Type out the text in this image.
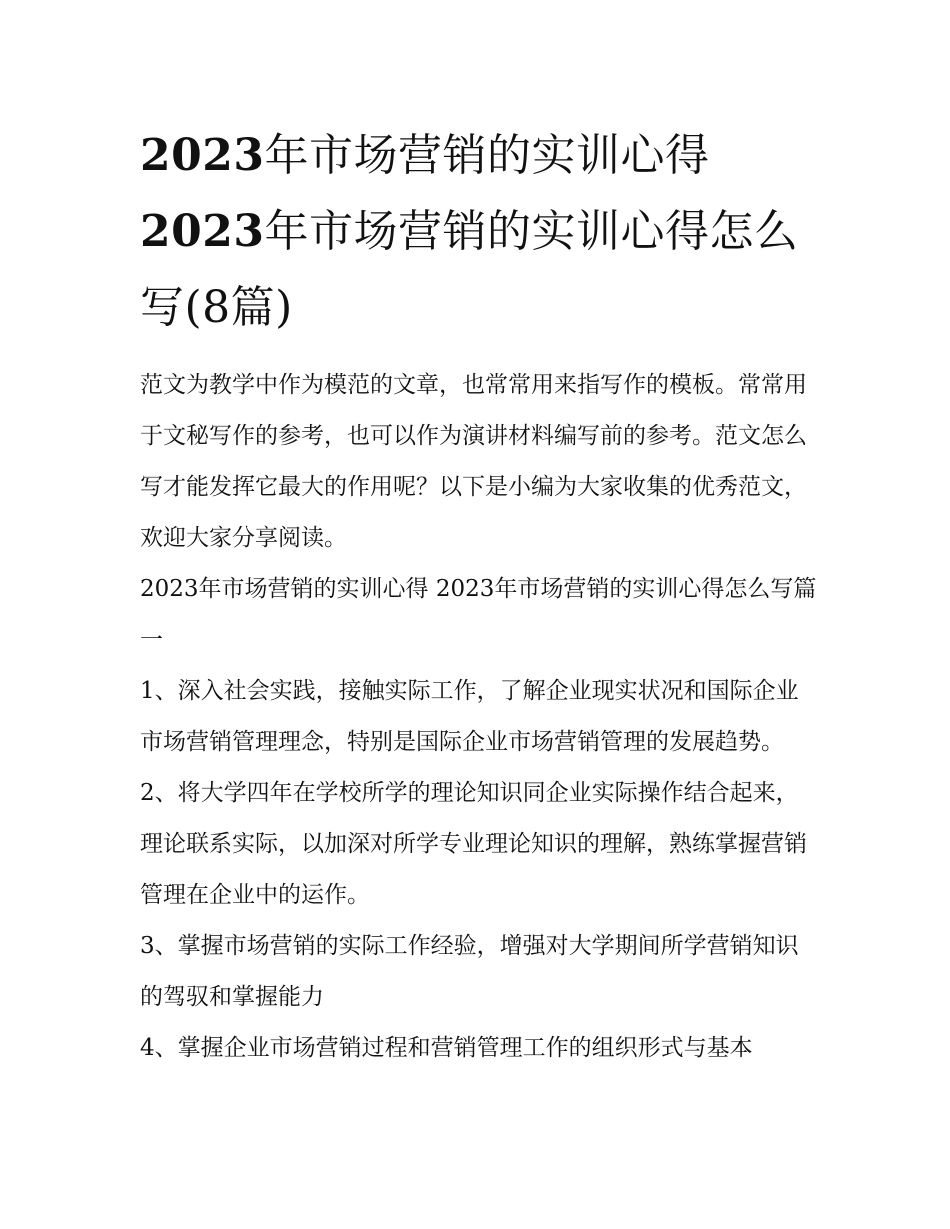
2023年市场营销的实训心得
2023年市场营销的实训心得怎么写(8篇)

范文为教学中作为模范的文章，也常常用来指写作的模板。常常用于文秘写作的参考，也可以作为演讲材料编写前的参考。范文怎么写才能发挥它最大的作用呢？以下是小编为大家收集的优秀范文，欢迎大家分享阅读。

2023年市场营销的实训心得 2023年市场营销的实训心得怎么写篇一

1、深入社会实践，接触实际工作，了解企业现实状况和国际企业市场营销管理理念，特别是国际企业市场营销管理的发展趋势。

2、将大学四年在学校所学的理论知识同企业实际操作结合起来，理论联系实际，以加深对所学专业理论知识的理解，熟练掌握营销管理在企业中的运作。

3、掌握市场营销的实际工作经验，增强对大学期间所学营销知识的驾驭和掌握能力

4、掌握企业市场营销过程和营销管理工作的组织形式与基本
